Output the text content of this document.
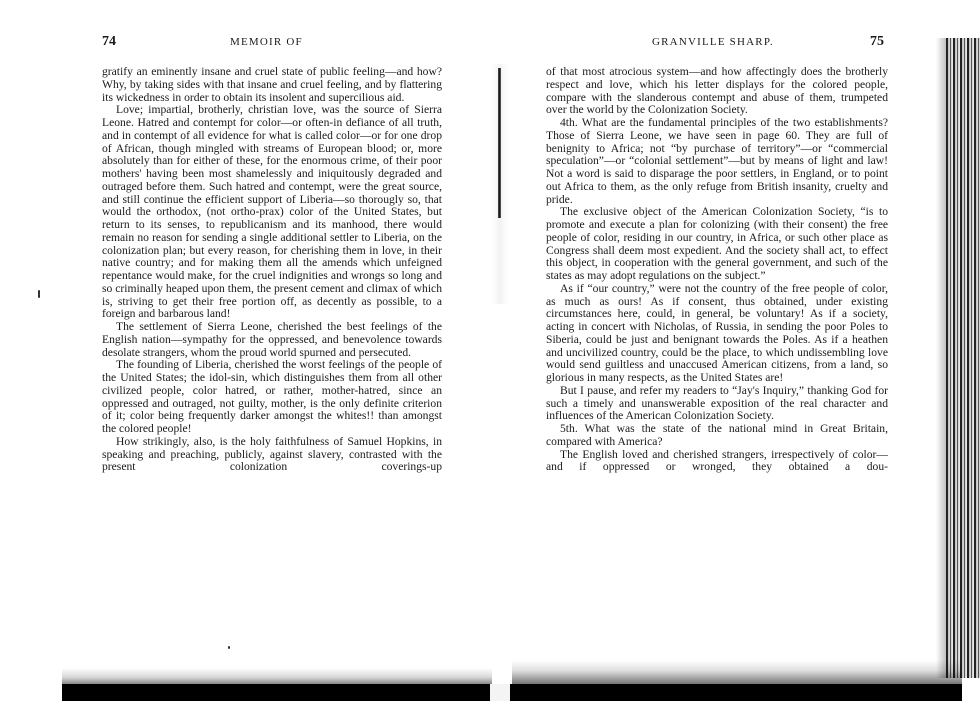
74	MEMOIR OF

gratify an eminently insane and cruel state of public feeling—and how? Why, by taking sides with that insane and cruel feeling, and by flattering its wickedness in order to obtain its insolent and supercilious aid.

Love; impartial, brotherly, christian love, was the source of Sierra Leone. Hatred and contempt for color—or often-in defiance of all truth, and in contempt of all evidence for what is called color—or for one drop of African, though mingled with streams of European blood; or, more absolutely than for either of these, for the enormous crime, of their poor mothers' having been most shamelessly and iniquitously degraded and outraged before them. Such hatred and contempt, were the great source, and still continue the efficient support of Liberia—so thorougly so, that would the orthodox, (not ortho-prax) color of the United States, but return to its senses, to republicanism and its manhood, there would remain no reason for sending a single additional settler to Liberia, on the colonization plan; but every reason, for cherishing them in love, in their native country; and for making them all the amends which unfeigned repentance would make, for the cruel indignities and wrongs so long and so criminally heaped upon them, the present cement and climax of which is, striving to get their free portion off, as decently as possible, to a foreign and barbarous land!

The settlement of Sierra Leone, cherished the best feelings of the English nation—sympathy for the oppressed, and benevolence towards desolate strangers, whom the proud world spurned and persecuted.

The founding of Liberia, cherished the worst feelings of the people of the United States; the idol-sin, which distinguishes them from all other civilized people, color hatred, or rather, mother-hatred, since an oppressed and outraged, not guilty, mother, is the only definite criterion of it; color being frequently darker amongst the whites!! than amongst the colored people!

How strikingly, also, is the holy faithfulness of Samuel Hopkins, in speaking and preaching, publicly, against slavery, contrasted with the present colonization coverings-up

GRANVILLE SHARP.	75

of that most atrocious system—and how affectingly does the brotherly respect and love, which his letter displays for the colored people, compare with the slanderous contempt and abuse of them, trumpeted over the world by the Colonization Society.

4th. What are the fundamental principles of the two establishments? Those of Sierra Leone, we have seen in page 60. They are full of benignity to Africa; not “by purchase of territory”—or “commercial speculation”—or “colonial settlement”—but by means of light and law! Not a word is said to disparage the poor settlers, in England, or to point out Africa to them, as the only refuge from British insanity, cruelty and pride.

The exclusive object of the American Colonization Society, “is to promote and execute a plan for colonizing (with their consent) the free people of color, residing in our country, in Africa, or such other place as Congress shall deem most expedient. And the society shall act, to effect this object, in cooperation with the general government, and such of the states as may adopt regulations on the subject.”

As if “our country,” were not the country of the free people of color, as much as ours! As if consent, thus obtained, under existing circumstances here, could, in general, be voluntary! As if a society, acting in concert with Nicholas, of Russia, in sending the poor Poles to Siberia, could be just and benignant towards the Poles. As if a heathen and uncivilized country, could be the place, to which undissembling love would send guiltless and unaccused American citizens, from a land, so glorious in many respects, as the United States are!

But I pause, and refer my readers to “Jay's Inquiry,” thanking God for such a timely and unanswerable exposition of the real character and influences of the American Colonization Society.

5th. What was the state of the national mind in Great Britain, compared with America?

The English loved and cherished strangers, irrespectively of color—and if oppressed or wronged, they obtained a dou-
